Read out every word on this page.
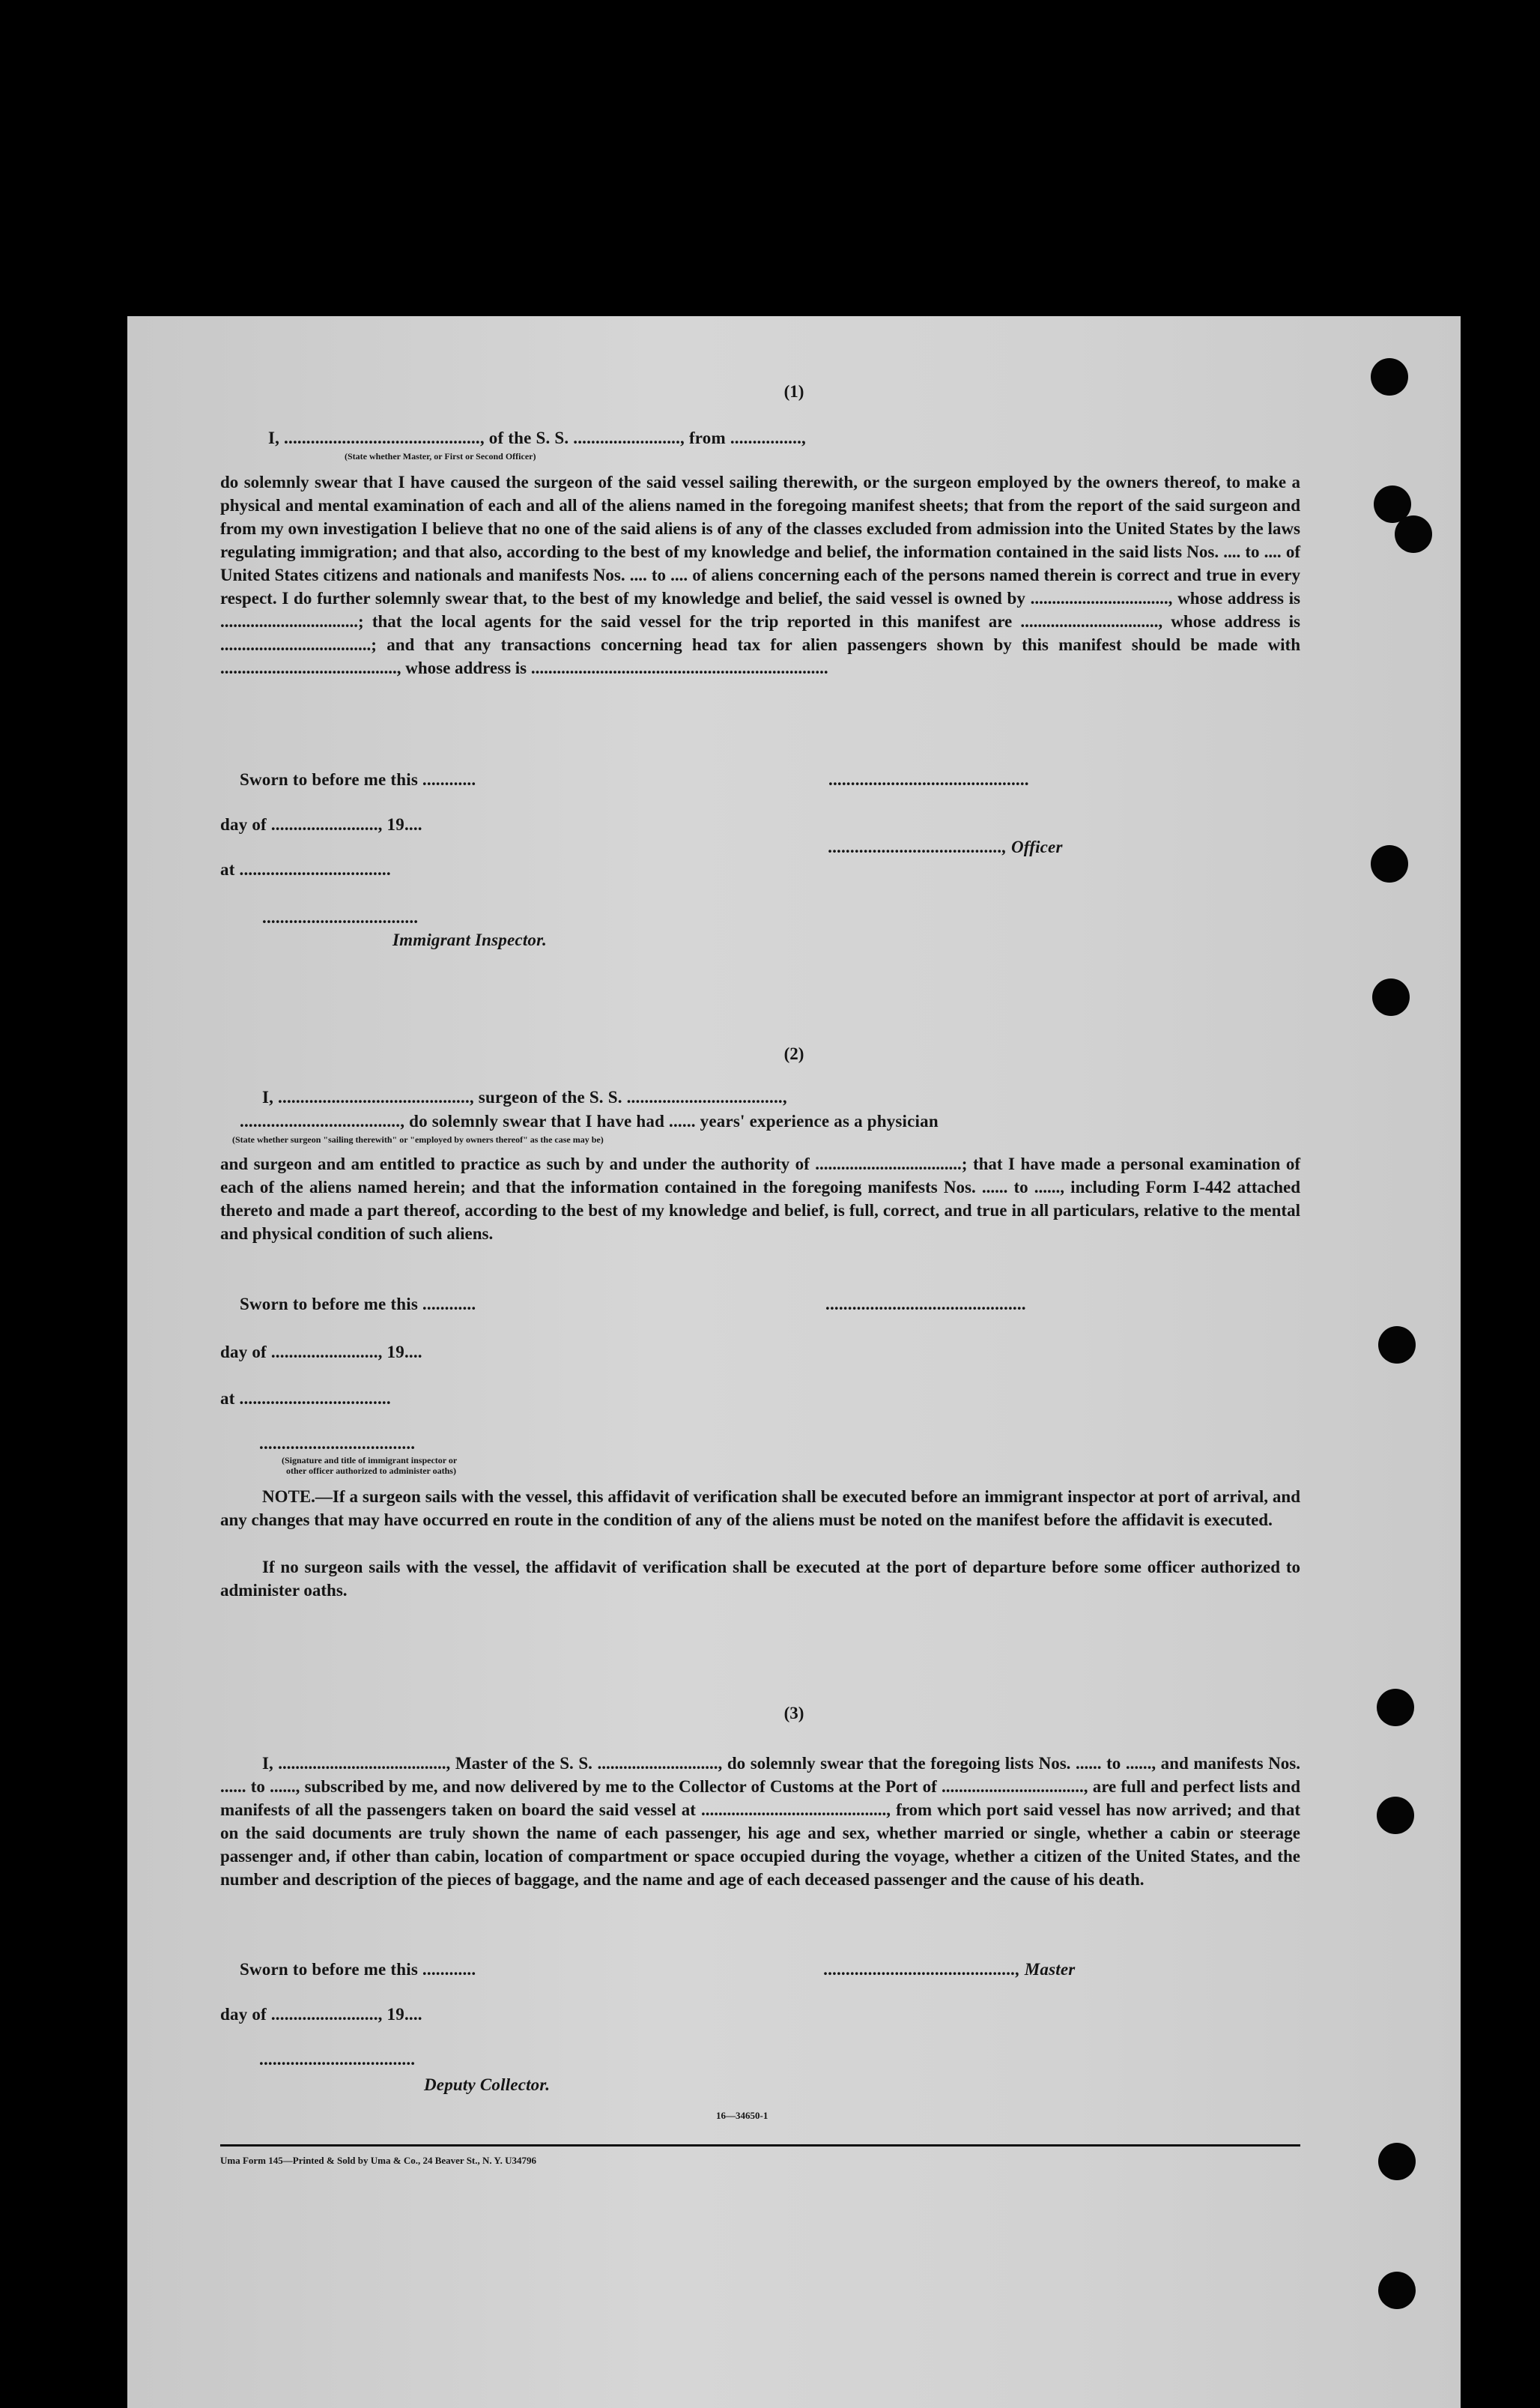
(1)
I, ............................................, of the S. S. ........................, from ................,
(State whether Master, or First or Second Officer)
do solemnly swear that I have caused the surgeon of the said vessel sailing therewith, or the surgeon employed by the owners thereof, to make a physical and mental examination of each and all of the aliens named in the foregoing manifest sheets; that from the report of the said surgeon and from my own investigation I believe that no one of the said aliens is of any of the classes excluded from admission into the United States by the laws regulating immigration; and that also, according to the best of my knowledge and belief, the information contained in the said lists Nos. .... to .... of United States citizens and nationals and manifests Nos. .... to .... of aliens concerning each of the persons named therein is correct and true in every respect. I do further solemnly swear that, to the best of my knowledge and belief, the said vessel is owned by ................................, whose address is ................................; that the local agents for the said vessel for the trip reported in this manifest are ................................, whose address is ...................................; and that any transactions concerning head tax for alien passengers shown by this manifest should be made with ........................................., whose address is .....................................................................
Sworn to before me this ............	.............................................
day of ........................, 19....
......................................., Officer
at ..................................
...................................
Immigrant Inspector.
(2)
I, ..........................................., surgeon of the S. S. ...................................,
...................................., do solemnly swear that I have had ...... years' experience as a physician
(State whether surgeon "sailing therewith" or "employed by owners thereof" as the case may be)
and surgeon and am entitled to practice as such by and under the authority of ..................................; that I have made a personal examination of each of the aliens named herein; and that the information contained in the foregoing manifests Nos. ...... to ......, including Form I-442 attached thereto and made a part thereof, according to the best of my knowledge and belief, is full, correct, and true in all particulars, relative to the mental and physical condition of such aliens.
Sworn to before me this ............	.............................................
day of ........................, 19....
at ..................................
...................................
(Signature and title of immigrant inspector or
other officer authorized to administer oaths)
NOTE.—If a surgeon sails with the vessel, this affidavit of verification shall be executed before an immigrant inspector at port of arrival, and any changes that may have occurred en route in the condition of any of the aliens must be noted on the manifest before the affidavit is executed.
If no surgeon sails with the vessel, the affidavit of verification shall be executed at the port of departure before some officer authorized to administer oaths.
(3)
I, ......................................., Master of the S. S. ............................, do solemnly swear that the foregoing lists Nos. ...... to ......, and manifests Nos. ...... to ......, subscribed by me, and now delivered by me to the Collector of Customs at the Port of ................................., are full and perfect lists and manifests of all the passengers taken on board the said vessel at ..........................................., from which port said vessel has now arrived; and that on the said documents are truly shown the name of each passenger, his age and sex, whether married or single, whether a cabin or steerage passenger and, if other than cabin, location of compartment or space occupied during the voyage, whether a citizen of the United States, and the number and description of the pieces of baggage, and the name and age of each deceased passenger and the cause of his death.
Sworn to before me this ............	..........................................., Master
day of ........................, 19....
...................................
Deputy Collector.
16—34650-1
Uma Form 145—Printed & Sold by Uma & Co., 24 Beaver St., N. Y. U34796
